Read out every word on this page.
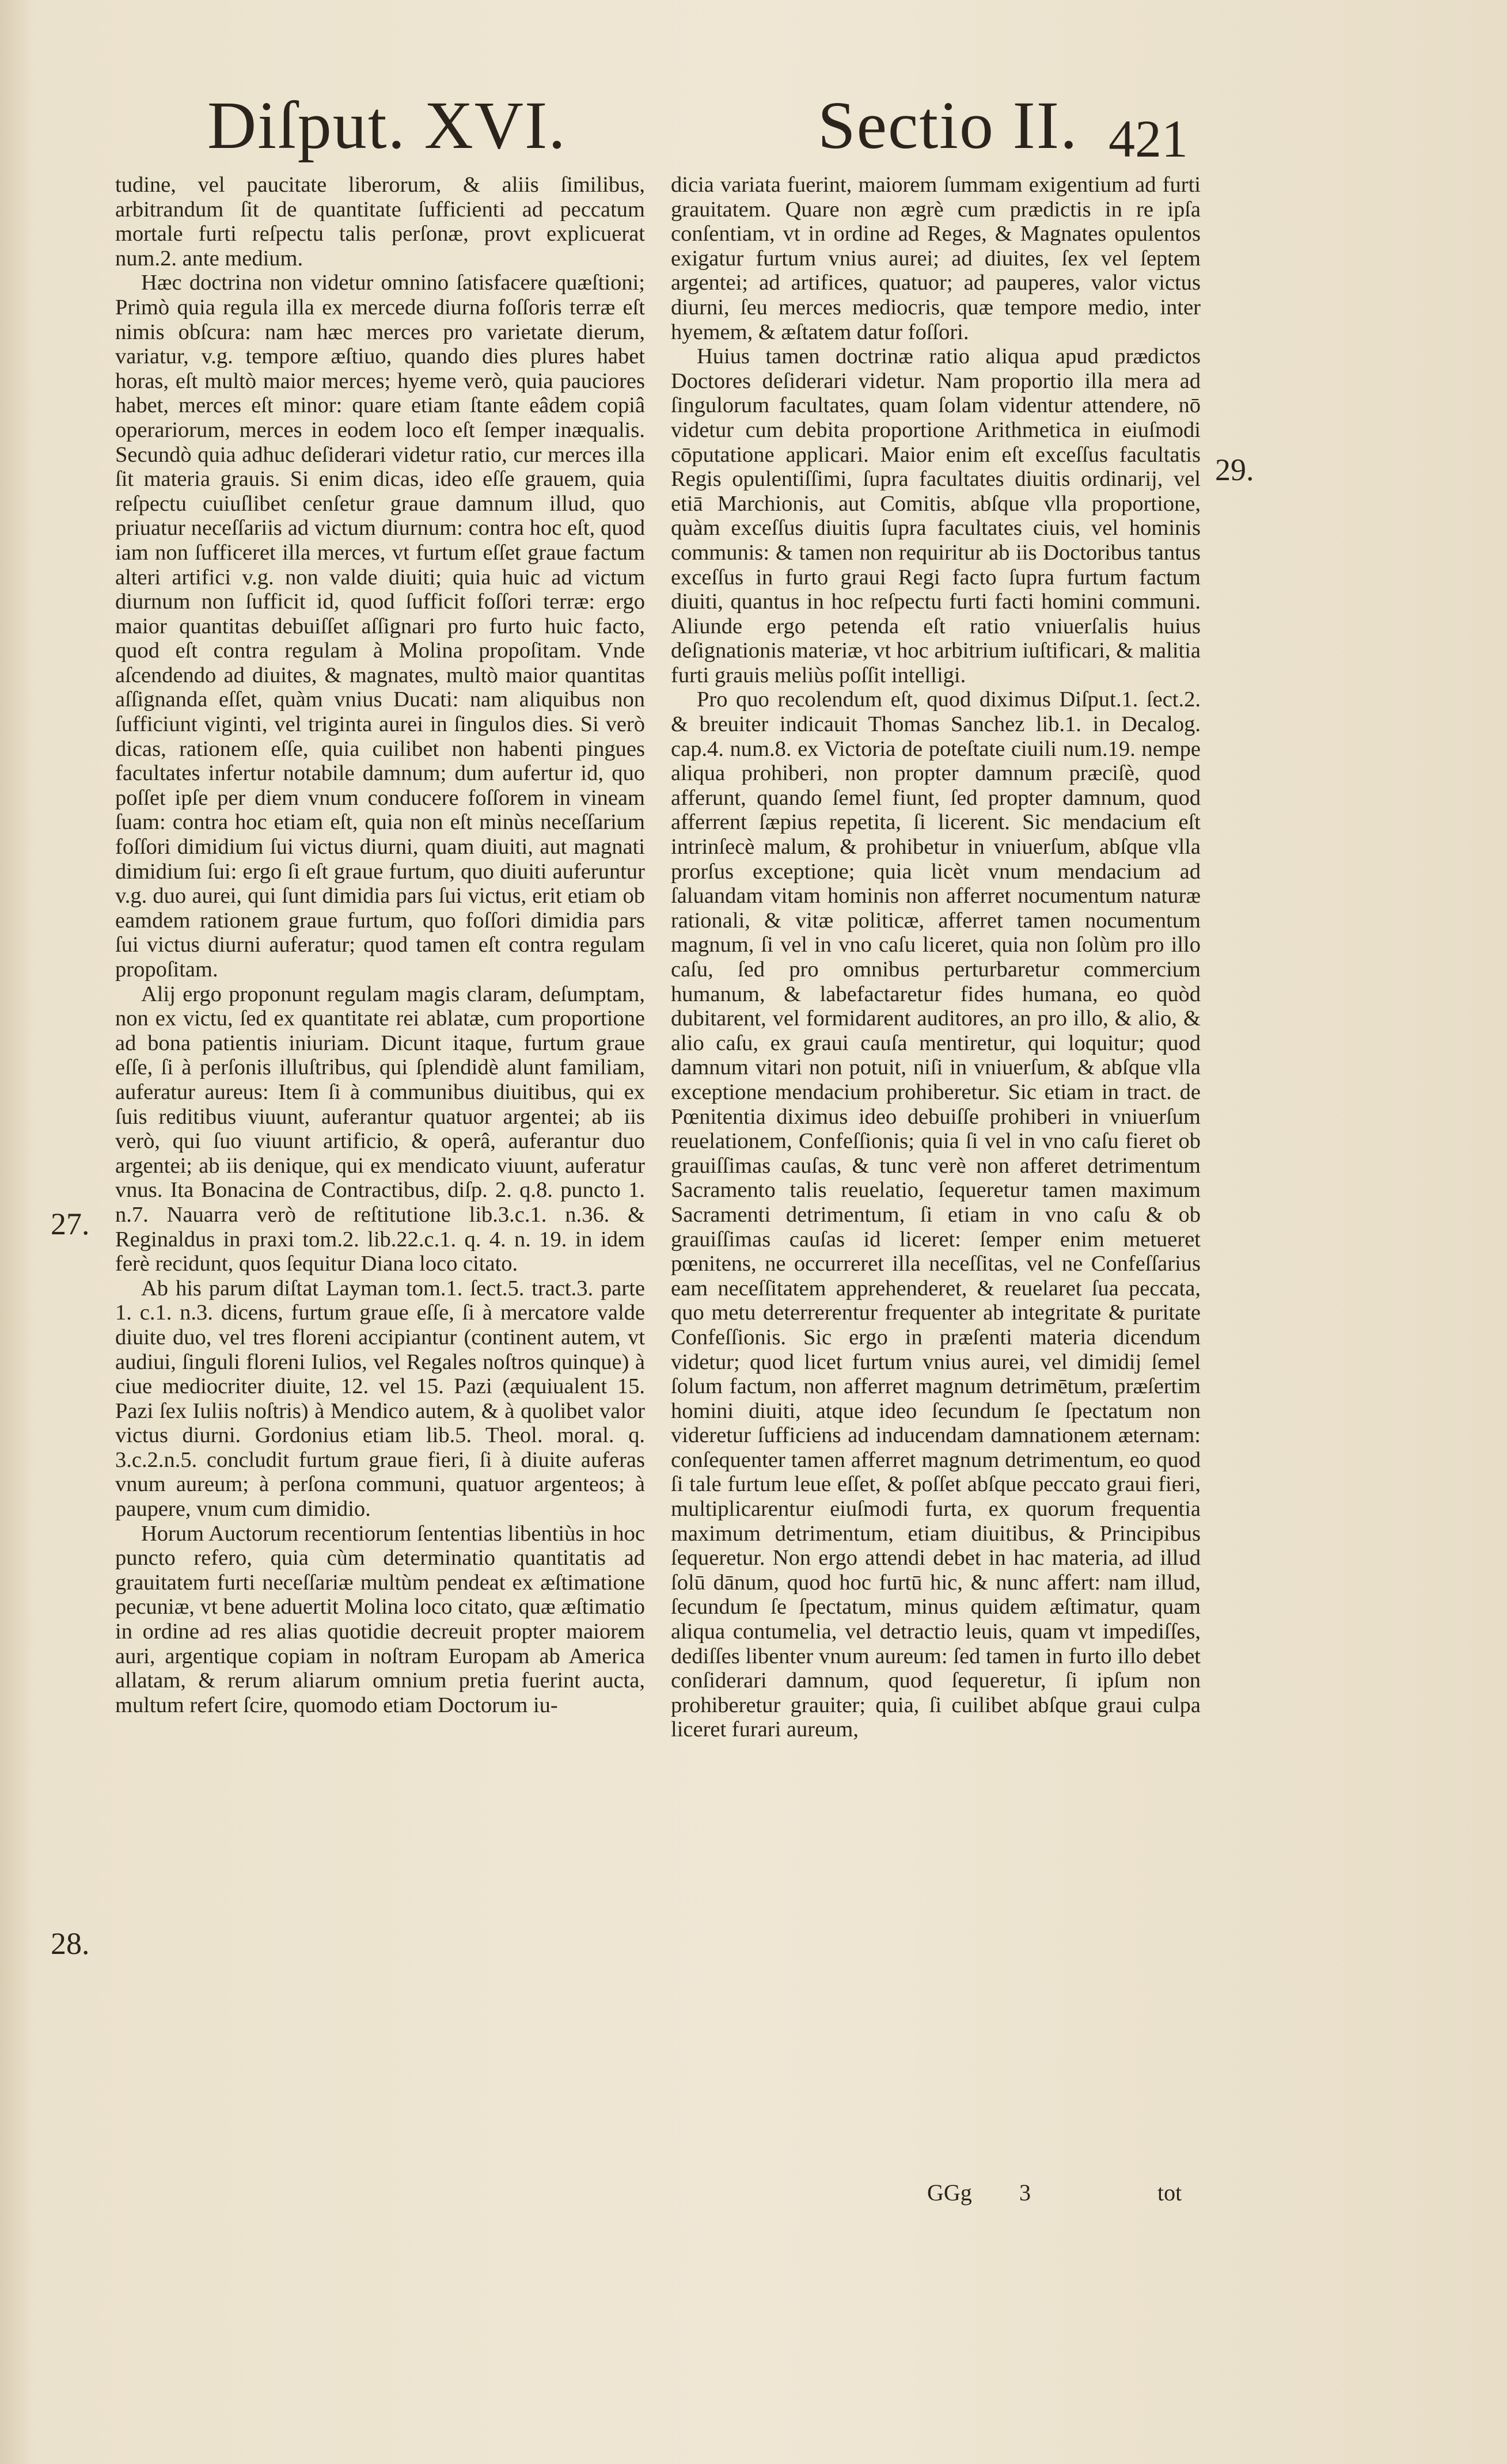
Diſput. XVI.	Sectio II. 421

tudine, vel paucitate liberorum, & aliis ſimilibus, arbitrandum ſit de quantitate ſufficienti ad peccatum mortale furti reſpectu talis perſonæ, provt explicuerat num.2. ante medium.

Hæc doctrina non videtur omnino ſatisfacere quæſtioni; Primò quia regula illa ex mercede diurna foſſoris terræ eſt nimis obſcura: nam hæc merces pro varietate dierum, variatur, v.g. tempore æſtiuo, quando dies plures habet horas, eſt multò maior merces; hyeme verò, quia pauciores habet, merces eſt minor: quare etiam ſtante eâdem copiâ operariorum, merces in eodem loco eſt ſemper inæqualis. Secundò quia adhuc deſiderari videtur ratio, cur merces illa ſit materia grauis. Si enim dicas, ideo eſſe grauem, quia reſpectu cuiuſlibet cenſetur graue damnum illud, quo priuatur neceſſariis ad victum diurnum: contra hoc eſt, quod iam non ſufficeret illa merces, vt furtum eſſet graue factum alteri artifici v.g. non valde diuiti; quia huic ad victum diurnum non ſufficit id, quod ſufficit foſſori terræ: ergo maior quantitas debuiſſet aſſignari pro furto huic facto, quod eſt contra regulam à Molina propoſitam. Vnde aſcendendo ad diuites, & magnates, multò maior quantitas aſſignanda eſſet, quàm vnius Ducati: nam aliquibus non ſufficiunt viginti, vel triginta aurei in ſingulos dies. Si verò dicas, rationem eſſe, quia cuilibet non habenti pingues facultates infertur notabile damnum; dum aufertur id, quo poſſet ipſe per diem vnum conducere foſſorem in vineam ſuam: contra hoc etiam eſt, quia non eſt minùs neceſſarium foſſori dimidium ſui victus diurni, quam diuiti, aut magnati dimidium ſui: ergo ſi eſt graue furtum, quo diuiti auferuntur v.g. duo aurei, qui ſunt dimidia pars ſui victus, erit etiam ob eamdem rationem graue furtum, quo foſſori dimidia pars ſui victus diurni auferatur; quod tamen eſt contra regulam propoſitam.

Alij ergo proponunt regulam magis claram, deſumptam, non ex victu, ſed ex quantitate rei ablatæ, cum proportione ad bona patientis iniuriam. Dicunt itaque, furtum graue eſſe, ſi à perſonis illuſtribus, qui ſplendidè alunt familiam, auferatur aureus: Item ſi à communibus diuitibus, qui ex ſuis reditibus viuunt, auferantur quatuor argentei; ab iis verò, qui ſuo viuunt artificio, & operâ, auferantur duo argentei; ab iis denique, qui ex mendicato viuunt, auferatur vnus. Ita Bonacina de Contractibus, diſp. 2. q.8. puncto 1. n.7. Nauarra verò de reſtitutione lib.3.c.1. n.36. & Reginaldus in praxi tom.2. lib.22.c.1. q. 4. n. 19. in idem ferè recidunt, quos ſequitur Diana loco citato.

Ab his parum diſtat Layman tom.1. ſect.5. tract.3. parte 1. c.1. n.3. dicens, furtum graue eſſe, ſi à mercatore valde diuite duo, vel tres floreni accipiantur (continent autem, vt audiui, ſinguli floreni Iulios, vel Regales noſtros quinque) à ciue mediocriter diuite, 12. vel 15. Pazi (æquiualent 15. Pazi ſex Iuliis noſtris) à Mendico autem, & à quolibet valor victus diurni. Gordonius etiam lib.5. Theol. moral. q. 3.c.2.n.5. concludit furtum graue fieri, ſi à diuite auferas vnum aureum; à perſona communi, quatuor argenteos; à paupere, vnum cum dimidio.

Horum Auctorum recentiorum ſententias libentiùs in hoc puncto refero, quia cùm determinatio quantitatis ad grauitatem furti neceſſariæ multùm pendeat ex æſtimatione pecuniæ, vt bene aduertit Molina loco citato, quæ æſtimatio in ordine ad res alias quotidie decreuit propter maiorem auri, argentique copiam in noſtram Europam ab America allatam, & rerum aliarum omnium pretia fuerint aucta, multum refert ſcire, quomodo etiam Doctorum iu-

dicia variata fuerint, maiorem ſummam exigentium ad furti grauitatem. Quare non ægrè cum prædictis in re ipſa conſentiam, vt in ordine ad Reges, & Magnates opulentos exigatur furtum vnius aurei; ad diuites, ſex vel ſeptem argentei; ad artifices, quatuor; ad pauperes, valor victus diurni, ſeu merces mediocris, quæ tempore medio, inter hyemem, & æſtatem datur foſſori.

Huius tamen doctrinæ ratio aliqua apud prædictos Doctores deſiderari videtur. Nam proportio illa mera ad ſingulorum facultates, quam ſolam videntur attendere, nō videtur cum debita proportione Arithmetica in eiuſmodi cōputatione applicari. Maior enim eſt exceſſus facultatis Regis opulentiſſimi, ſupra facultates diuitis ordinarij, vel etiā Marchionis, aut Comitis, abſque vlla proportione, quàm exceſſus diuitis ſupra facultates ciuis, vel hominis communis: & tamen non requiritur ab iis Doctoribus tantus exceſſus in furto graui Regi facto ſupra furtum factum diuiti, quantus in hoc reſpectu furti facti homini communi. Aliunde ergo petenda eſt ratio vniuerſalis huius deſignationis materiæ, vt hoc arbitrium iuſtificari, & malitia furti grauis meliùs poſſit intelligi.

Pro quo recolendum eſt, quod diximus Diſput.1. ſect.2. & breuiter indicauit Thomas Sanchez lib.1. in Decalog. cap.4. num.8. ex Victoria de poteſtate ciuili num.19. nempe aliqua prohiberi, non propter damnum præciſè, quod afferunt, quando ſemel fiunt, ſed propter damnum, quod afferrent ſæpius repetita, ſi licerent. Sic mendacium eſt intrinſecè malum, & prohibetur in vniuerſum, abſque vlla prorſus exceptione; quia licèt vnum mendacium ad ſaluandam vitam hominis non afferret nocumentum naturæ rationali, & vitæ politicæ, afferret tamen nocumentum magnum, ſi vel in vno caſu liceret, quia non ſolùm pro illo caſu, ſed pro omnibus perturbaretur commercium humanum, & labefactaretur fides humana, eo quòd dubitarent, vel formidarent auditores, an pro illo, & alio, & alio caſu, ex graui cauſa mentiretur, qui loquitur; quod damnum vitari non potuit, niſi in vniuerſum, & abſque vlla exceptione mendacium prohiberetur. Sic etiam in tract. de Pœnitentia diximus ideo debuiſſe prohiberi in vniuerſum reuelationem, Confeſſionis; quia ſi vel in vno caſu fieret ob grauiſſimas cauſas, & tunc verè non afferet detrimentum Sacramento talis reuelatio, ſequeretur tamen maximum Sacramenti detrimentum, ſi etiam in vno caſu & ob grauiſſimas cauſas id liceret: ſemper enim metueret pœnitens, ne occurreret illa neceſſitas, vel ne Confeſſarius eam neceſſitatem apprehenderet, & reuelaret ſua peccata, quo metu deterrerentur frequenter ab integritate & puritate Confeſſionis. Sic ergo in præſenti materia dicendum videtur; quod licet furtum vnius aurei, vel dimidij ſemel ſolum factum, non afferret magnum detrimētum, præſertim homini diuiti, atque ideo ſecundum ſe ſpectatum non videretur ſufficiens ad inducendam damnationem æternam: conſequenter tamen afferret magnum detrimentum, eo quod ſi tale furtum leue eſſet, & poſſet abſque peccato graui fieri, multiplicarentur eiuſmodi furta, ex quorum frequentia maximum detrimentum, etiam diuitibus, & Principibus ſequeretur. Non ergo attendi debet in hac materia, ad illud ſolū dānum, quod hoc furtū hic, & nunc affert: nam illud, ſecundum ſe ſpectatum, minus quidem æſtimatur, quam aliqua contumelia, vel detractio leuis, quam vt impediſſes, dediſſes libenter vnum aureum: ſed tamen in furto illo debet conſiderari damnum, quod ſequeretur, ſi ipſum non prohiberetur grauiter; quia, ſi cuilibet abſque graui culpa liceret furari aureum,

27.
28.
29.
GGg 3	tot
